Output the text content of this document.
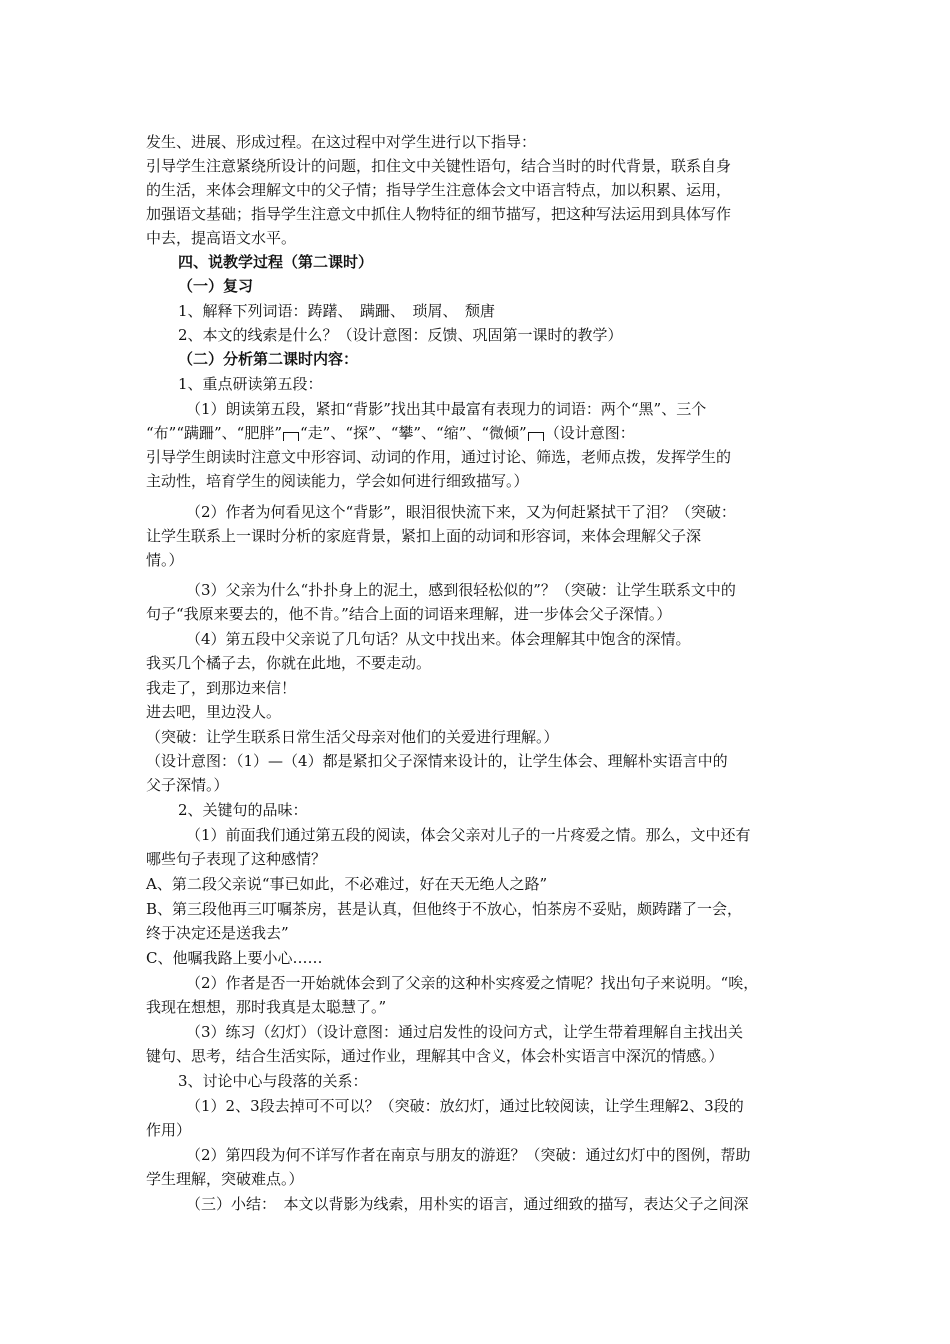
发生、进展、形成过程。在这过程中对学生进行以下指导：
引导学生注意紧绕所设计的问题，扣住文中关键性语句，结合当时的时代背景，联系自身
的生活，来体会理解文中的父子情；指导学生注意体会文中语言特点，加以积累、运用，
加强语文基础；指导学生注意文中抓住人物特征的细节描写，把这种写法运用到具体写作
中去，提高语文水平。
四、说教学过程（第二课时）
（一）复习
1、解释下列词语：踌躇、　蹒跚、　琐屑、　颓唐
2、本文的线索是什么？（设计意图：反馈、巩固第一课时的教学）
（二）分析第二课时内容：
1、重点研读第五段：
（1）朗读第五段，紧扣“背影”找出其中最富有表现力的词语：两个“黑”、三个
“布”“蹒跚”、“肥胖” “走”、“探”、“攀”、“缩”、“微倾” （设计意图：
引导学生朗读时注意文中形容词、动词的作用，通过讨论、筛选，老师点拨，发挥学生的
主动性，培育学生的阅读能力，学会如何进行细致描写。）
（2）作者为何看见这个“背影”，眼泪很快流下来，又为何赶紧拭干了泪？（突破：
让学生联系上一课时分析的家庭背景，紧扣上面的动词和形容词，来体会理解父子深
情。）
（3）父亲为什么“扑扑身上的泥土，感到很轻松似的”？（突破：让学生联系文中的
句子“我原来要去的，他不肯。”结合上面的词语来理解，进一步体会父子深情。）
（4）第五段中父亲说了几句话？从文中找出来。体会理解其中饱含的深情。
我买几个橘子去，你就在此地，不要走动。
我走了，到那边来信！
进去吧，里边没人。
（突破：让学生联系日常生活父母亲对他们的关爱进行理解。）
（设计意图：（1）—（4）都是紧扣父子深情来设计的，让学生体会、理解朴实语言中的
父子深情。）
2、关键句的品味：
（1）前面我们通过第五段的阅读，体会父亲对儿子的一片疼爱之情。那么，文中还有
哪些句子表现了这种感情？
A、第二段父亲说“事已如此，不必难过，好在天无绝人之路”
B、第三段他再三叮嘱茶房，甚是认真，但他终于不放心，怕茶房不妥贴，颇踌躇了一会，
终于决定还是送我去”
C、他嘱我路上要小心……
（2）作者是否一开始就体会到了父亲的这种朴实疼爱之情呢？找出句子来说明。“唉，
我现在想想，那时我真是太聪慧了。”
（3）练习（幻灯）（设计意图：通过启发性的设问方式，让学生带着理解自主找出关
键句、思考，结合生活实际，通过作业，理解其中含义，体会朴实语言中深沉的情感。）
3、讨论中心与段落的关系：
（1）2、3段去掉可不可以？（突破：放幻灯，通过比较阅读，让学生理解2、3段的
作用）
（2）第四段为何不详写作者在南京与朋友的游逛？（突破：通过幻灯中的图例，帮助
学生理解，突破难点。）
（三）小结：　本文以背影为线索，用朴实的语言，通过细致的描写，表达父子之间深
